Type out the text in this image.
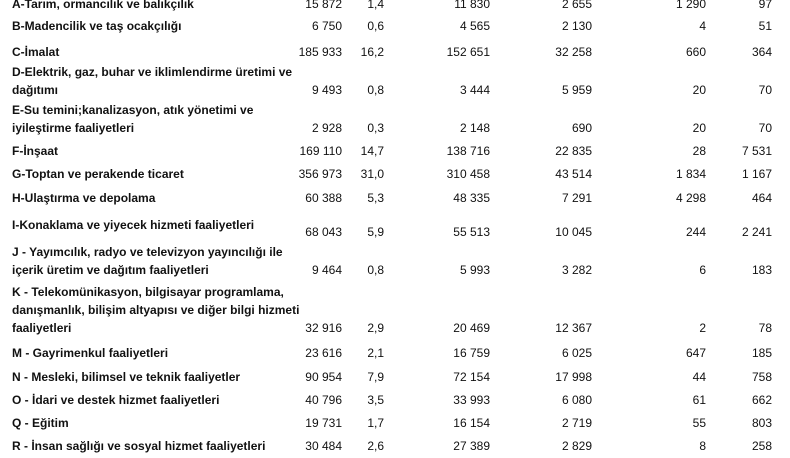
A-Tarım, ormancılık ve balıkçılık	15 872 1,4	11 830	2 655	1 290	97
B-Madencilik ve taş ocakçılığı	6 750 0,6	4 565	2 130	4	51
C-İmalat	185 933 16,2	152 651	32 258	660	364
D-Elektrik, gaz, buhar ve iklimlendirme üretimi ve
dağıtımı	9 493 0,8	3 444	5 959	20	70
E-Su temini;kanalizasyon, atık yönetimi ve
iyileştirme faaliyetleri	2 928 0,3	2 148	690	20	70
F-İnşaat	169 110 14,7	138 716	22 835	28	7 531
G-Toptan ve perakende ticaret	356 973 31,0	310 458	43 514	1 834	1 167
H-Ulaştırma ve depolama	60 388 5,3	48 335	7 291	4 298	464
I-Konaklama ve yiyecek hizmeti faaliyetleri	68 043 5,9	55 513	10 045	244	2 241
J - Yayımcılık, radyo ve televizyon yayıncılığı ile
içerik üretim ve dağıtım faaliyetleri	9 464 0,8	5 993	3 282	6	183
K - Telekomünikasyon, bilgisayar programlama,
danışmanlık, bilişim altyapısı ve diğer bilgi hizmeti
faaliyetleri	32 916 2,9	20 469	12 367	2	78
M - Gayrimenkul faaliyetleri	23 616 2,1	16 759	6 025	647	185
N - Mesleki, bilimsel ve teknik faaliyetler	90 954 7,9	72 154	17 998	44	758
O - İdari ve destek hizmet faaliyetleri	40 796 3,5	33 993	6 080	61	662
Q - Eğitim	19 731 1,7	16 154	2 719	55	803
R - İnsan sağlığı ve sosyal hizmet faaliyetleri	30 484 2,6	27 389	2 829	8	258
